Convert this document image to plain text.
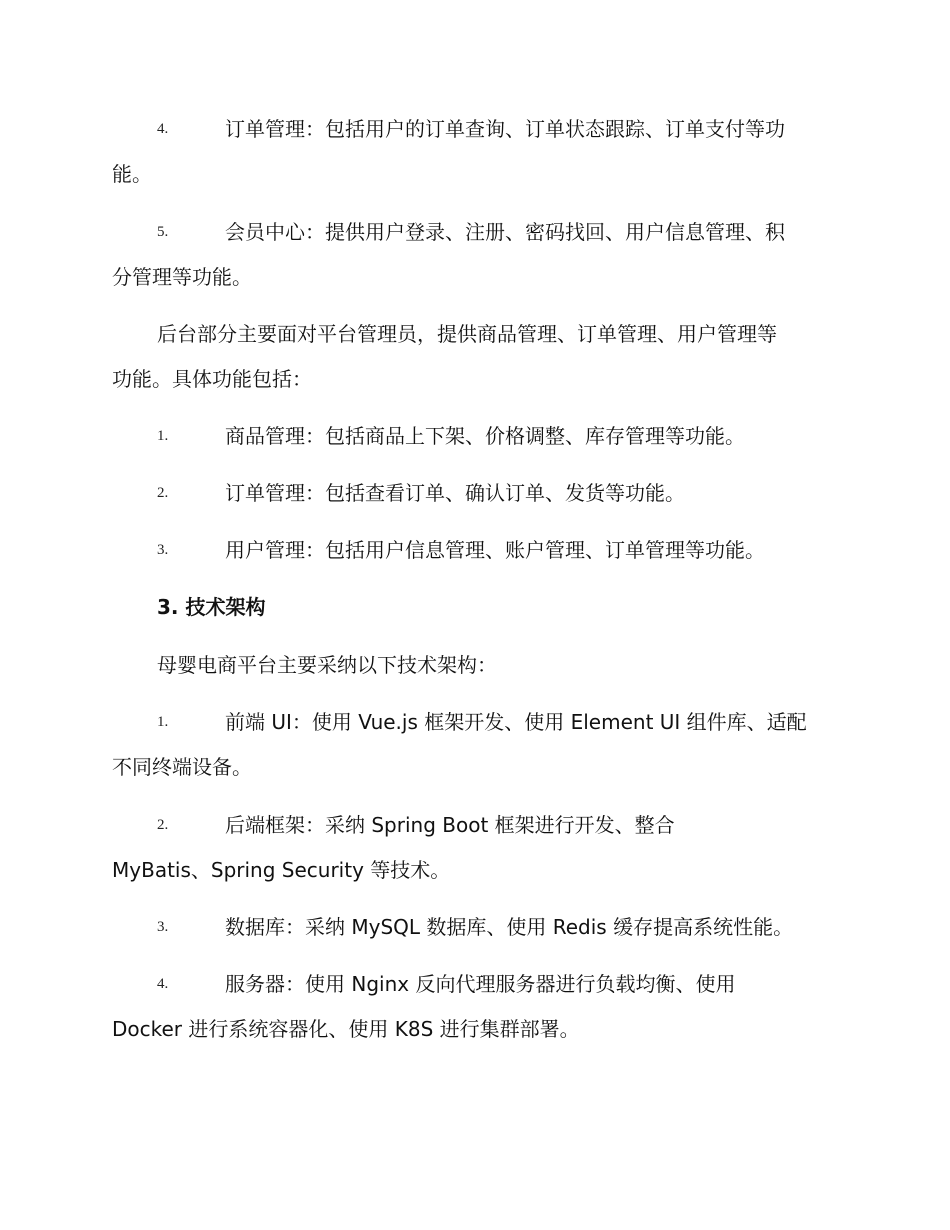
4.	订单管理：包括用户的订单查询、订单状态跟踪、订单支付等功
能。
5.	会员中心：提供用户登录、注册、密码找回、用户信息管理、积
分管理等功能。
后台部分主要面对平台管理员，提供商品管理、订单管理、用户管理等
功能。具体功能包括：
1.	商品管理：包括商品上下架、价格调整、库存管理等功能。
2.	订单管理：包括查看订单、确认订单、发货等功能。
3.	用户管理：包括用户信息管理、账户管理、订单管理等功能。
3. 技术架构
母婴电商平台主要采纳以下技术架构：
1.	前端 UI：使用 Vue.js 框架开发、使用 Element UI 组件库、适配
不同终端设备。
2.	后端框架：采纳 Spring Boot 框架进行开发、整合
MyBatis、Spring Security 等技术。
3.	数据库：采纳 MySQL 数据库、使用 Redis 缓存提高系统性能。
4.	服务器：使用 Nginx 反向代理服务器进行负载均衡、使用
Docker 进行系统容器化、使用 K8S 进行集群部署。
